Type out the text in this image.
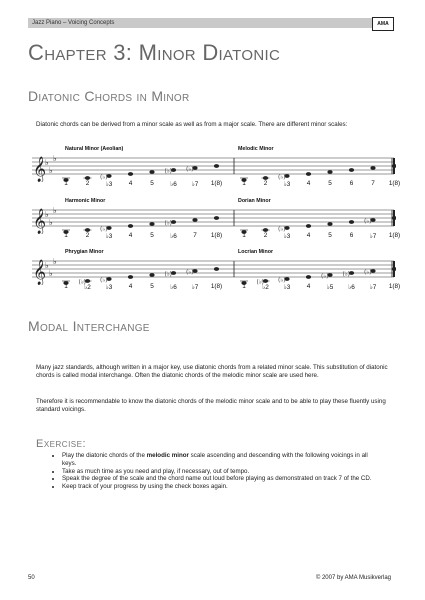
Jazz Piano – Voicing Concepts	AMA
Chapter 3: Minor Diatonic
Diatonic Chords in Minor
Diatonic chords can be derived from a minor scale as well as from a major scale. There are different minor scales:
Natural Minor (Aeolian)	Melodic Minor
𝄞
♭
♭
♭
(♭)
(♭) (♭)
(♭)
1	2	♭3	4	5	♭6	♭7	1(8)	1	2	♭3	4	5	6	7	1(8)
Harmonic Minor	Dorian Minor
𝄞
♭
♭
♭
(♭)
(♭)
(♭)
(♭)
1	2	♭3	4	5	♭6	7	1(8)	1	2	♭3	4	5	6	♭7	1(8)
Phrygian Minor	Locrian Minor
𝄞
♭
♭
♭
(♭) (♭)
(♭) (♭)
(♭) (♭)
(♭) (♭) (♭)
1	♭2	♭3	4	5	♭6	♭7	1(8)	1	♭2	♭3	4	♭5	♭6	♭7	1(8)
Modal Interchange
Many jazz standards, although written in a major key, use diatonic chords from a related minor scale. This substitution of diatonic chords is called modal interchange. Often the diatonic chords of the melodic minor scale are used here.
Therefore it is recommendable to know the diatonic chords of the melodic minor scale and to be able to play these fluently using standard voicings.
Exercise:
• Play the diatonic chords of the melodic minor scale ascending and descending with the following voicings in all keys.
• Take as much time as you need and play, if necessary, out of tempo.
• Speak the degree of the scale and the chord name out loud before playing as demonstrated on track 7 of the CD.
• Keep track of your progress by using the check boxes again.
50	© 2007 by AMA Musikverlag
